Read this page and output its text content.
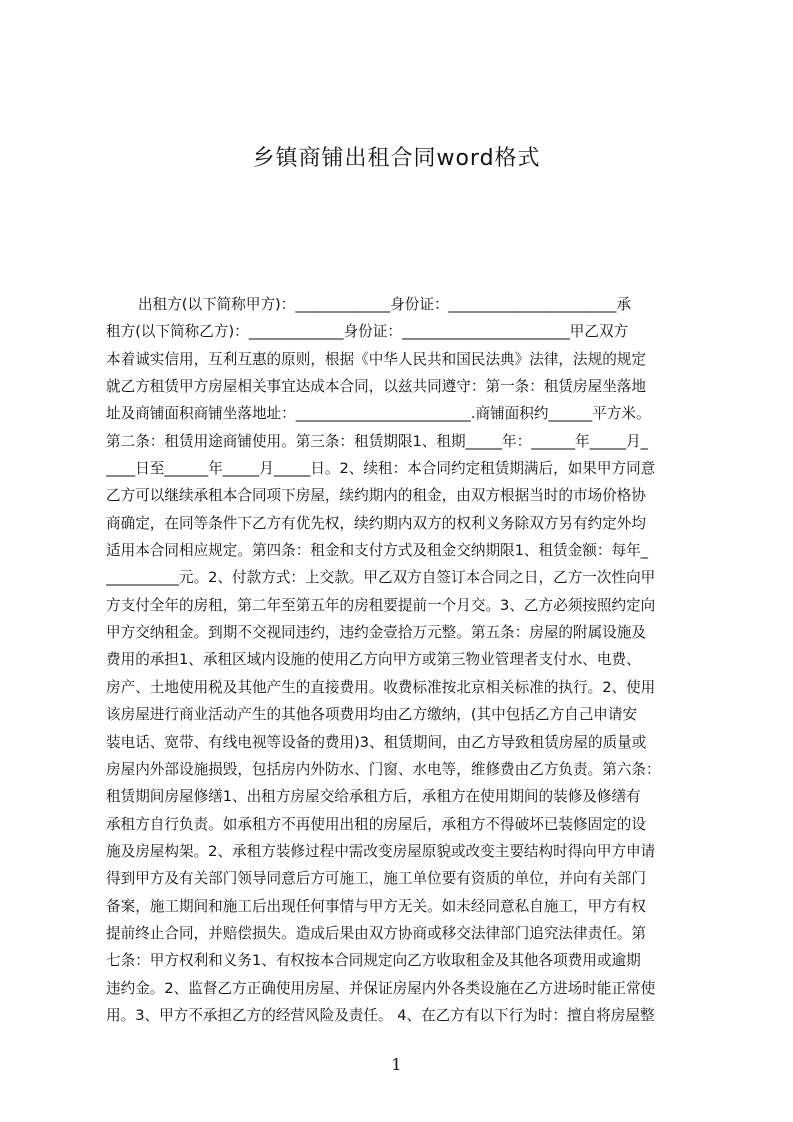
乡镇商铺出租合同word格式
出租方(以下简称甲方)：_____________身份证：_______________________承
租方(以下简称乙方)：_____________身份证：_______________________甲乙双方
本着诚实信用，互利互惠的原则，根据《中华人民共和国民法典》法律，法规的规定
就乙方租赁甲方房屋相关事宜达成本合同，以兹共同遵守：第一条：租赁房屋坐落地
址及商铺面积商铺坐落地址：________________________.商铺面积约______平方米。
第二条：租赁用途商铺使用。第三条：租赁期限1、租期_____年：______年_____月_
____日至______年_____月_____日。2、续租：本合同约定租赁期满后，如果甲方同意
乙方可以继续承租本合同项下房屋，续约期内的租金，由双方根据当时的市场价格协
商确定，在同等条件下乙方有优先权，续约期内双方的权利义务除双方另有约定外均
适用本合同相应规定。第四条：租金和支付方式及租金交纳期限1、租赁金额：每年_
__________元。2、付款方式：上交款。甲乙双方自签订本合同之日，乙方一次性向甲
方支付全年的房租，第二年至第五年的房租要提前一个月交。3、乙方必须按照约定向
甲方交纳租金。到期不交视同违约，违约金壹拾万元整。第五条：房屋的附属设施及
费用的承担1、承租区域内设施的使用乙方向甲方或第三物业管理者支付水、电费、
房产、土地使用税及其他产生的直接费用。收费标准按北京相关标准的执行。2、使用
该房屋进行商业活动产生的其他各项费用均由乙方缴纳，(其中包括乙方自己申请安
装电话、宽带、有线电视等设备的费用)3、租赁期间，由乙方导致租赁房屋的质量或
房屋内外部设施损毁，包括房内外防水、门窗、水电等，维修费由乙方负责。第六条：
租赁期间房屋修缮1、出租方房屋交给承租方后，承租方在使用期间的装修及修缮有
承租方自行负责。如承租方不再使用出租的房屋后，承租方不得破坏已装修固定的设
施及房屋构架。2、承租方装修过程中需改变房屋原貌或改变主要结构时得向甲方申请
得到甲方及有关部门领导同意后方可施工，施工单位要有资质的单位，并向有关部门
备案，施工期间和施工后出现任何事情与甲方无关。如未经同意私自施工，甲方有权
提前终止合同，并赔偿损失。造成后果由双方协商或移交法律部门追究法律责任。第
七条：甲方权利和义务1、有权按本合同规定向乙方收取租金及其他各项费用或逾期
违约金。2、监督乙方正确使用房屋、并保证房屋内外各类设施在乙方进场时能正常使
用。3、甲方不承担乙方的经营风险及责任。 4、在乙方有以下行为时：擅自将房屋整
1
